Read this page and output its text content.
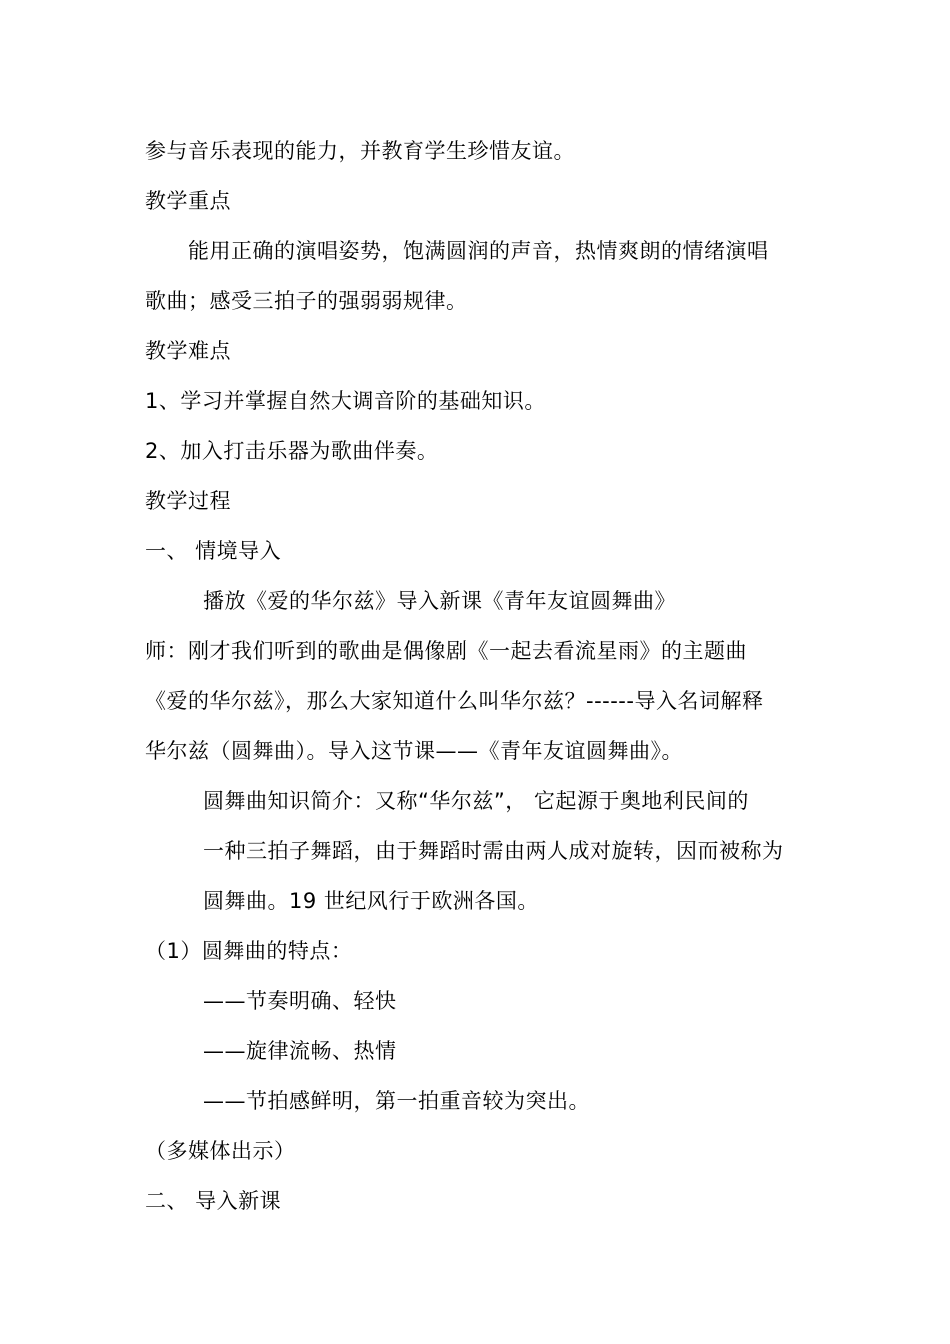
参与音乐表现的能力，并教育学生珍惜友谊。
教学重点
能用正确的演唱姿势，饱满圆润的声音，热情爽朗的情绪演唱
歌曲；感受三拍子的强弱弱规律。
教学难点
1、学习并掌握自然大调音阶的基础知识。
2、加入打击乐器为歌曲伴奏。
教学过程
一、 情境导入
播放《爱的华尔兹》导入新课《青年友谊圆舞曲》
师：刚才我们听到的歌曲是偶像剧《一起去看流星雨》的主题曲
《爱的华尔兹》，那么大家知道什么叫华尔兹？------导入名词解释
华尔兹（圆舞曲）。导入这节课——《青年友谊圆舞曲》。
圆舞曲知识简介：又称“华尔兹”， 它起源于奥地利民间的
一种三拍子舞蹈，由于舞蹈时需由两人成对旋转，因而被称为
圆舞曲。19 世纪风行于欧洲各国。
（1）圆舞曲的特点：
——节奏明确、轻快
——旋律流畅、热情
——节拍感鲜明，第一拍重音较为突出。
（多媒体出示）
二、 导入新课
